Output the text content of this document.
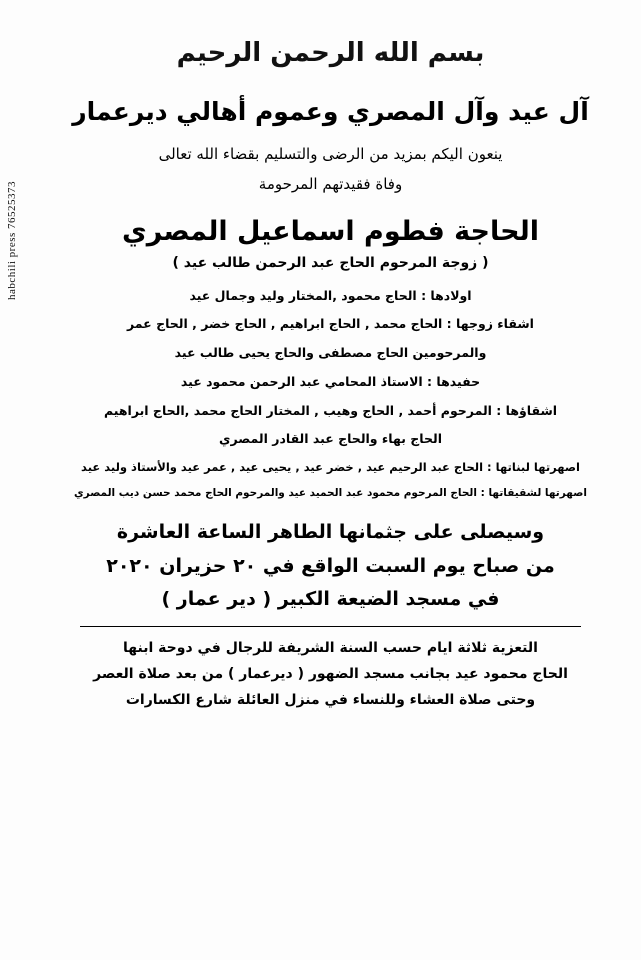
habchili press 76525373
بسم الله الرحمن الرحيم
آل عيد وآل المصري وعموم أهالي ديرعمار
ينعون اليكم بمزيد من الرضى والتسليم بقضاء الله تعالى
وفاة فقيدتهم المرحومة
الحاجة فطوم اسماعيل المصري
( زوجة المرحوم الحاج عبد الرحمن طالب عيد )
اولادها : الحاج محمود ,المختار وليد وجمال عيد
اشقاء زوجها : الحاج محمد , الحاج ابراهيم , الحاج خضر , الحاج عمر
والمرحومين الحاج مصطفى والحاج يحيى طالب عيد
حفيدها : الاستاذ المحامي عبد الرحمن محمود عيد
اشقاؤها : المرحوم أحمد , الحاج وهيب , المختار الحاج محمد ,الحاج ابراهيم
الحاج بهاء والحاج عبد القادر المصري
اصهرتها لبناتها : الحاج عبد الرحيم عيد , خضر عيد , يحيى عيد , عمر عيد والأستاذ وليد عيد
اصهرتها لشقيقاتها : الحاج المرحوم محمود عبد الحميد عيد والمرحوم الحاج محمد حسن ديب المصري
وسيصلى على جثمانها الطاهر الساعة العاشرة
من صباح يوم السبت الواقع في ٢٠ حزيران ٢٠٢٠
في مسجد الضيعة الكبير ( دير عمار )
التعزية ثلاثة ايام حسب السنة الشريفة للرجال في دوحة ابنها
الحاج محمود عيد بجانب مسجد الضهور ( ديرعمار ) من بعد صلاة العصر
وحتى صلاة العشاء وللنساء في منزل العائلة شارع الكسارات
